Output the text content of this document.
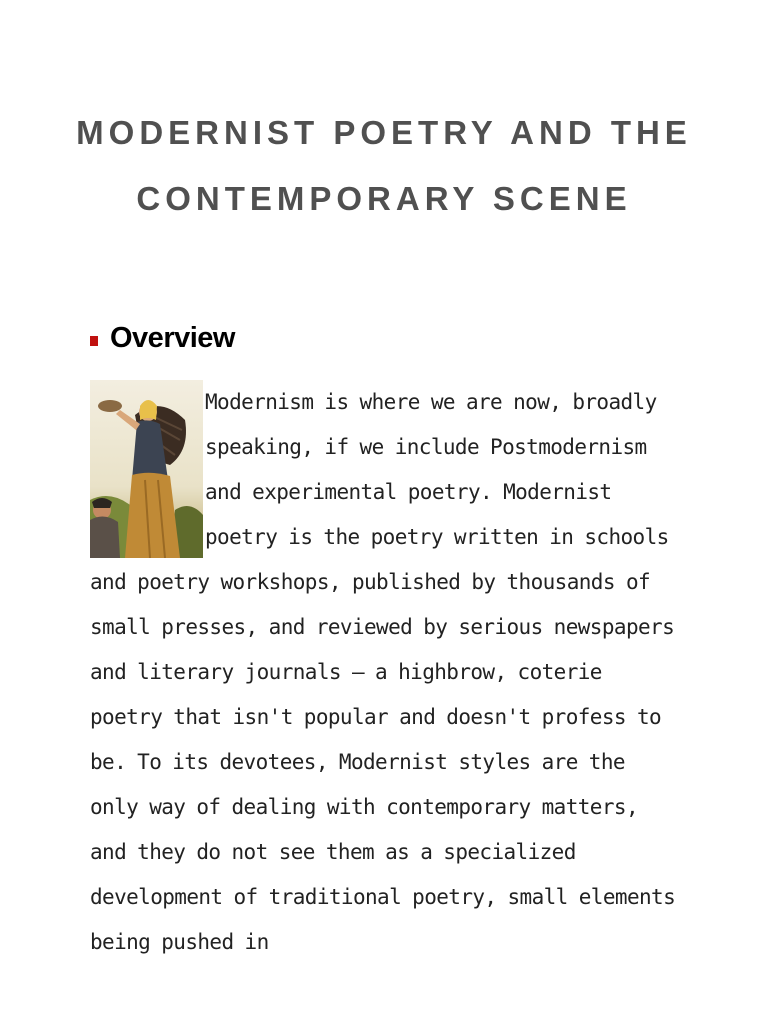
MODERNIST POETRY AND THE CONTEMPORARY SCENE
Overview

Modernism is where we are now, broadly speaking, if we include Postmodernism and experimental poetry. Modernist poetry is the poetry written in schools and poetry workshops, published by thousands of small presses, and reviewed by serious newspapers and literary journals — a highbrow, coterie poetry that isn't popular and doesn't profess to be. To its devotees, Modernist styles are the only way of dealing with contemporary matters, and they do not see them as a specialized development of traditional poetry, small elements being pushed in
